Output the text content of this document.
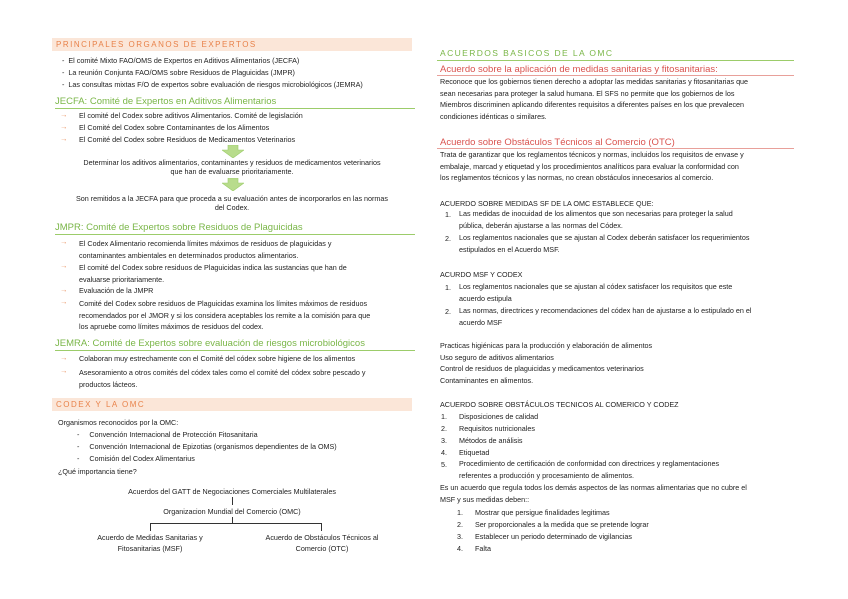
PRINCIPALES ORGANOS DE EXPERTOS
-  El comité Mixto FAO/OMS de Expertos en Aditivos Alimentarios (JECFA)
-  La reunión Conjunta FAO/OMS sobre Residuos de Plaguicidas (JMPR)
-  Las consultas mixtas F/O de expertos sobre evaluación de riesgos microbiológicos (JEMRA)
JECFA: Comité de Expertos en Aditivos Alimentarios
→ El comité del Codex sobre aditivos Alimentarios. Comité de legislación
→ El Comité del Codex sobre Contaminantes de los Alimentos
→ El Comité del Codex sobre Residuos de Medicamentos Veterinarios
Determinar los aditivos alimentarios, contaminantes y residuos de medicamentos veterinarios
que han de evaluarse prioritariamente.
Son remitidos a la JECFA para que proceda a su evaluación antes de incorporarlos en las normas
del Codex.
JMPR: Comité de Expertos sobre Residuos de Plaguicidas
→ El Codex Alimentario recomienda límites máximos de residuos de plaguicidas y
contaminantes ambientales en determinados productos alimentarios.
→ El comité del Codex sobre residuos de Plaguicidas indica las sustancias que han de
evaluarse prioritariamente.
→ Evaluación de la JMPR
→ Comité del Codex sobre residuos de Plaguicidas examina los límites máximos de residuos
recomendados por el JMOR y si los considera aceptables los remite a la comisión para que
los apruebe como límites máximos de residuos del codex.
JEMRA: Comité de Expertos sobre evaluación de riesgos microbiológicos
→ Colaboran muy estrechamente con el Comité del códex sobre higiene de los alimentos
→ Asesoramiento a otros comités del códex tales como el comité del códex sobre pescado y
productos lácteos.
CODEX Y LA OMC
Organismos reconocidos por la OMC:
-     Convención Internacional de Protección Fitosanitaria
-     Convención Internacional de Epizotias (organismos dependientes de la OMS)
-     Comisión del Codex Alimentarius
¿Qué importancia tiene?
Acuerdos del GATT de Negociaciones Comerciales Multilaterales
Organizacion Mundial del Comercio (OMC)
Acuerdo de Medidas Sanitarias y
Fitosanitarias (MSF)
Acuerdo de Obstáculos Técnicos al
Comercio (OTC)
ACUERDOS BASICOS DE LA OMC
Acuerdo sobre la aplicación de medidas sanitarias y fitosanitarias:
Reconoce que los gobiernos tienen derecho a adoptar las medidas sanitarias y fitosanitarias que
sean necesarias para proteger la salud humana. El SFS no permite que los gobiernos de los
Miembros discriminen aplicando diferentes requisitos a diferentes países en los que prevalecen
condiciones idénticas o similares.
Acuerdo sobre Obstáculos Técnicos al Comercio (OTC)
Trata de garantizar que los reglamentos técnicos y normas, incluidos los requisitos de envase y
embalaje, marcad y etiquetad y los procedimientos analíticos para evaluar la conformidad con
los reglamentos técnicos y las normas, no crean obstáculos innecesarios al comercio.
ACUERDO SOBRE MEDIDAS SF DE LA OMC ESTABLECE QUE:
1. Las medidas de inocuidad de los alimentos que son necesarias para proteger la salud
pública, deberán ajustarse a las normas del Códex.
2. Los reglamentos nacionales que se ajustan al Codex deberán satisfacer los requerimientos
estipulados en el Acuerdo MSF.
ACURDO MSF Y CODEX
1. Los reglamentos nacionales que se ajustan al códex satisfacer los requisitos que este
acuerdo estipula
2. Las normas, directrices y recomendaciones del códex han de ajustarse a lo estipulado en el
acuerdo MSF
Practicas higiénicas para la producción y elaboración de alimentos
Uso seguro de aditivos alimentarios
Control de residuos de plaguicidas y medicamentos veterinarios
Contaminantes en alimentos.
ACUERDO SOBRE OBSTÁCULOS TECNICOS AL COMERICO Y CODEZ
1. Disposiciones de calidad
2. Requisitos nutricionales
3. Métodos de análisis
4. Etiquetad
5. Procedimiento de certificación de conformidad con directrices y reglamentaciones
referentes a producción y procesamiento de alimentos.
Es un acuerdo que regula todos los demás aspectos de las normas alimentarias que no cubre el
MSF y sus medidas deben::
1. Mostrar que persigue finalidades legitimas
2. Ser proporcionales a la medida que se pretende lograr
3. Establecer un periodo determinado de vigilancias
4. Falta
